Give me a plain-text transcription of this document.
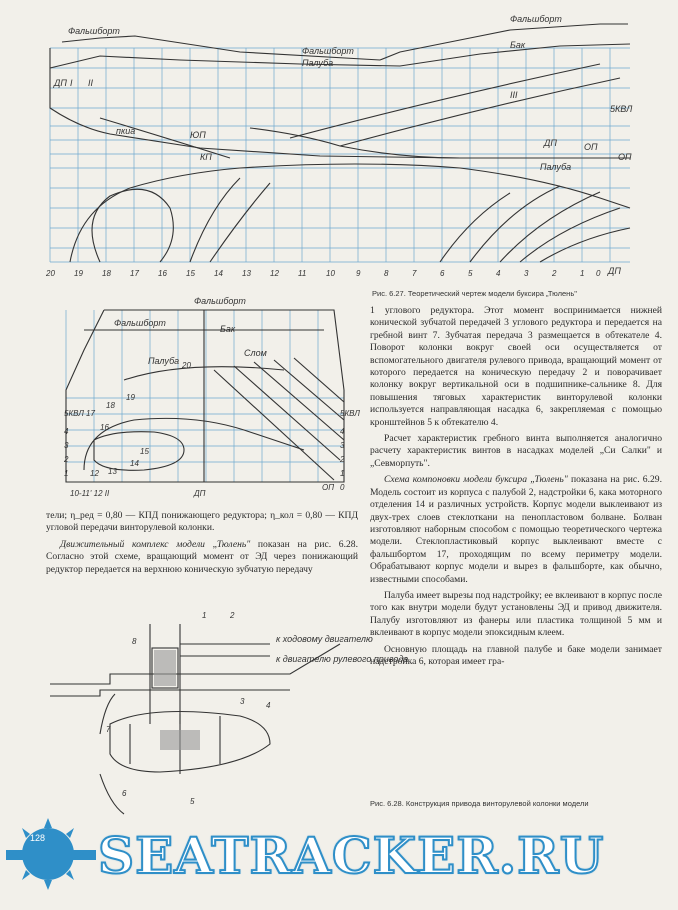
Фальшборт
Фальшборт
Фальшборт
Палуба
Палуба
Бак
ДП
ДП
ДП
5КВЛ
ОП
ОП
I II
III
КП
ЮП
пкиа
20 19 18 17 16 15 14 13 12 11 10	9	8	7	6	5	4	3	2	1 0
Рис. 6.27. Теоретический чертеж модели буксира „Тюлень"
Фальшборт
Фальшборт
Бак
Палуба
Слом
5КВЛ
4
3
2
1
5КВЛ
4
3
2
1
0
ОП
ДП
20
19
18
17
16
15
14
13
12
10-11' 12 II
1	2
3	4
5
6
7
8	к ходовому двигателю
к двигателю рулевого привода

тели; η_ред = 0,80 — КПД понижающего редуктора; η_кол = 0,80 — КПД угловой передачи винторулевой колонки.

Движительный комплекс модели „Тюлень" показан на рис. 6.28. Согласно этой схеме, вращающий момент от ЭД через понижающий редуктор передается на верхнюю коническую зубчатую передачу

1 углового редуктора. Этот момент воспринимается нижней конической зубчатой передачей 3 углового редуктора и передается на гребной винт 7. Зубчатая передача 3 размещается в обтекателе 4. Поворот колонки вокруг своей оси осуществляется от вспомогательного двигателя рулевого привода, вращающий момент от которого передается на коническую передачу 2 и поворачивает колонку вокруг вертикальной оси в подшипнике-сальнике 8. Для повышения тяговых характеристик винторулевой колонки используется направляющая насадка 6, закрепляемая с помощью кронштейнов 5 к обтекателю 4.

Расчет характеристик гребного винта выполняется аналогично расчету характеристик винтов в насадках моделей „Си Салки" и „Севморпуть".

Схема компоновки модели буксира „Тюлень" показана на рис. 6.29. Модель состоит из корпуса с палубой 2, надстройки 6, кака моторного отделения 14 и различных устройств. Корпус модели выклеивают из двух-трех слоев стеклоткани на пенопластовом болване. Болван изготовляют наборным способом с помощью теоретического чертежа модели. Стеклопластиковый корпус выклеивают вместе с фальшбортом 17, проходящим по всему периметру модели. Обрабатывают корпус модели и вырез в фальшборте, как обычно, известными способами.

Палуба имеет вырезы под надстройку; ее вклеивают в корпус после того как внутри модели будут установлены ЭД и привод движителя. Палубу изготовляют из фанеры или пластика толщиной 5 мм и вклеивают в корпус модели эпоксидным клеем.

Основную площадь на главной палубе и баке модели занимает надстройка 6, которая имеет гра-

Рис. 6.28. Конструкция привода винторулевой колонки модели
128 SEATRACKER.RU
